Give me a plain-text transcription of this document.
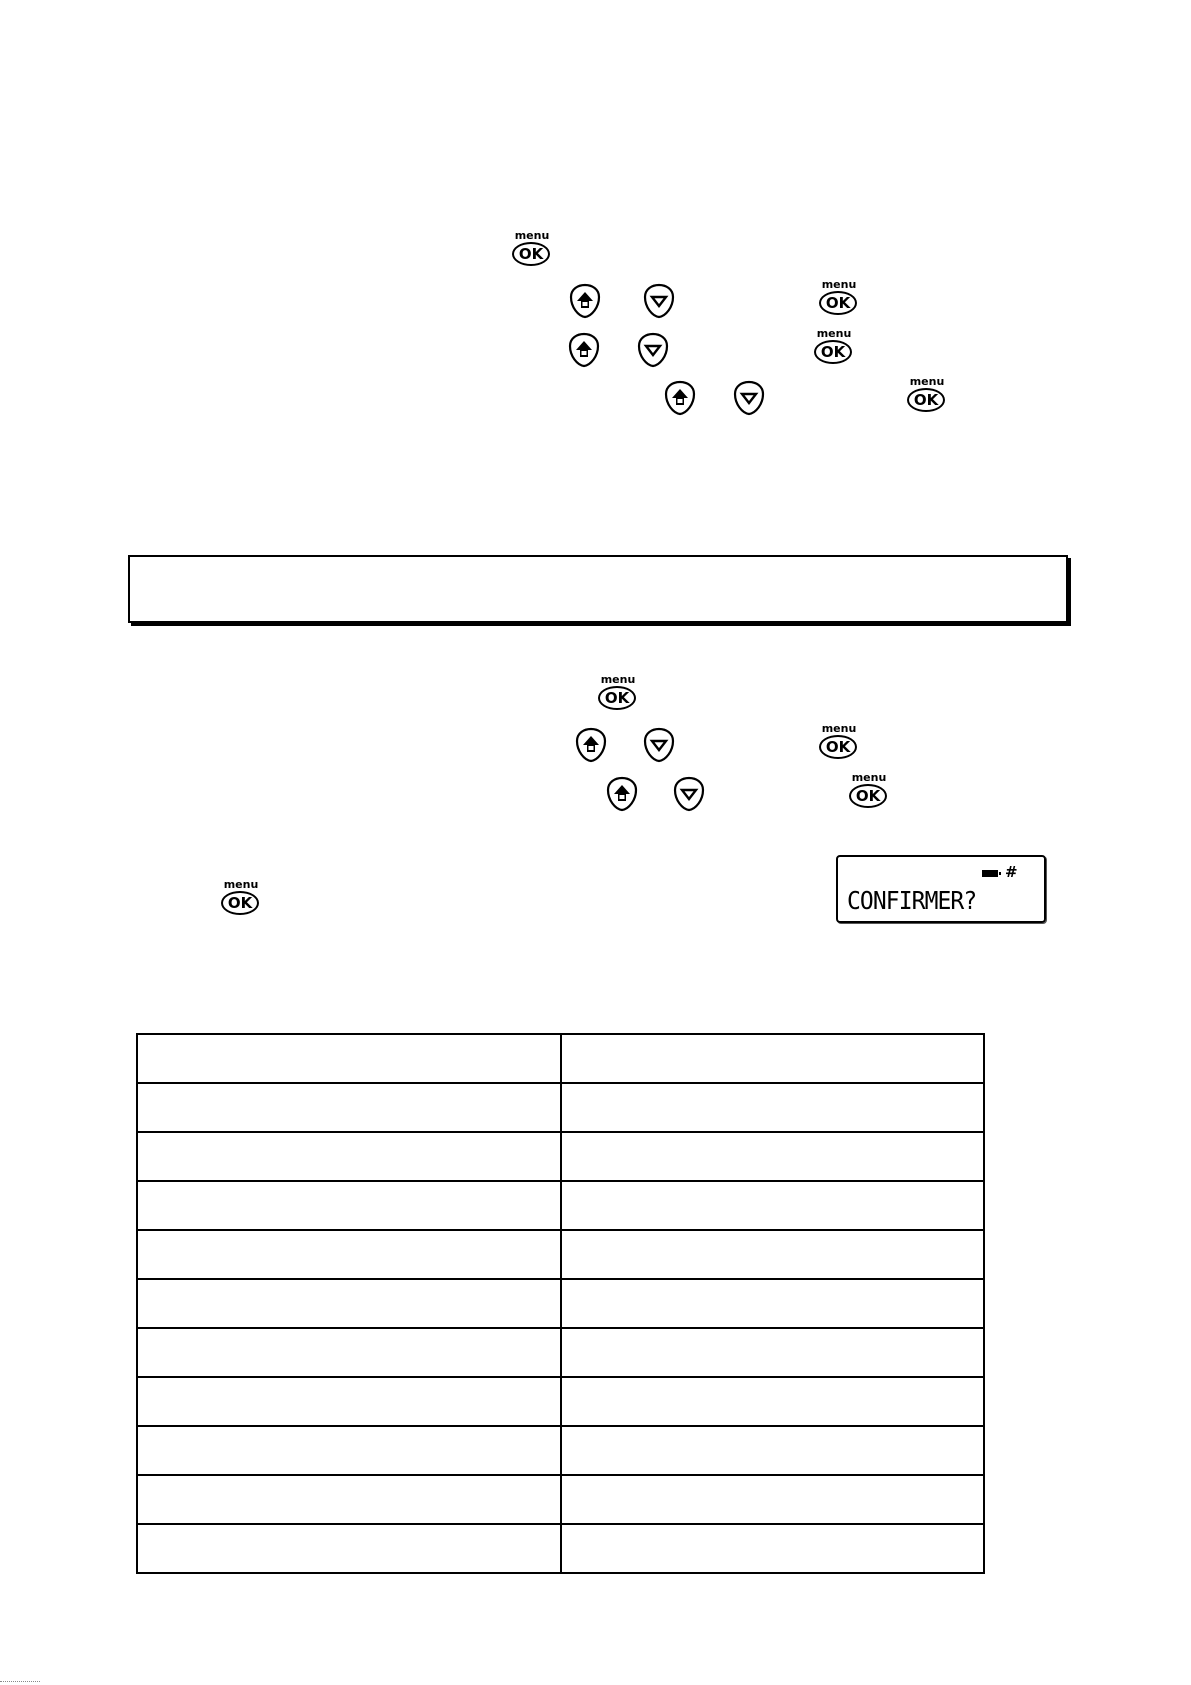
menu
OK
menu
OK
menu
OK
menu
OK
menu
OK
menu
OK
menu
OK
menu
OK
#
CONFIRMER?
